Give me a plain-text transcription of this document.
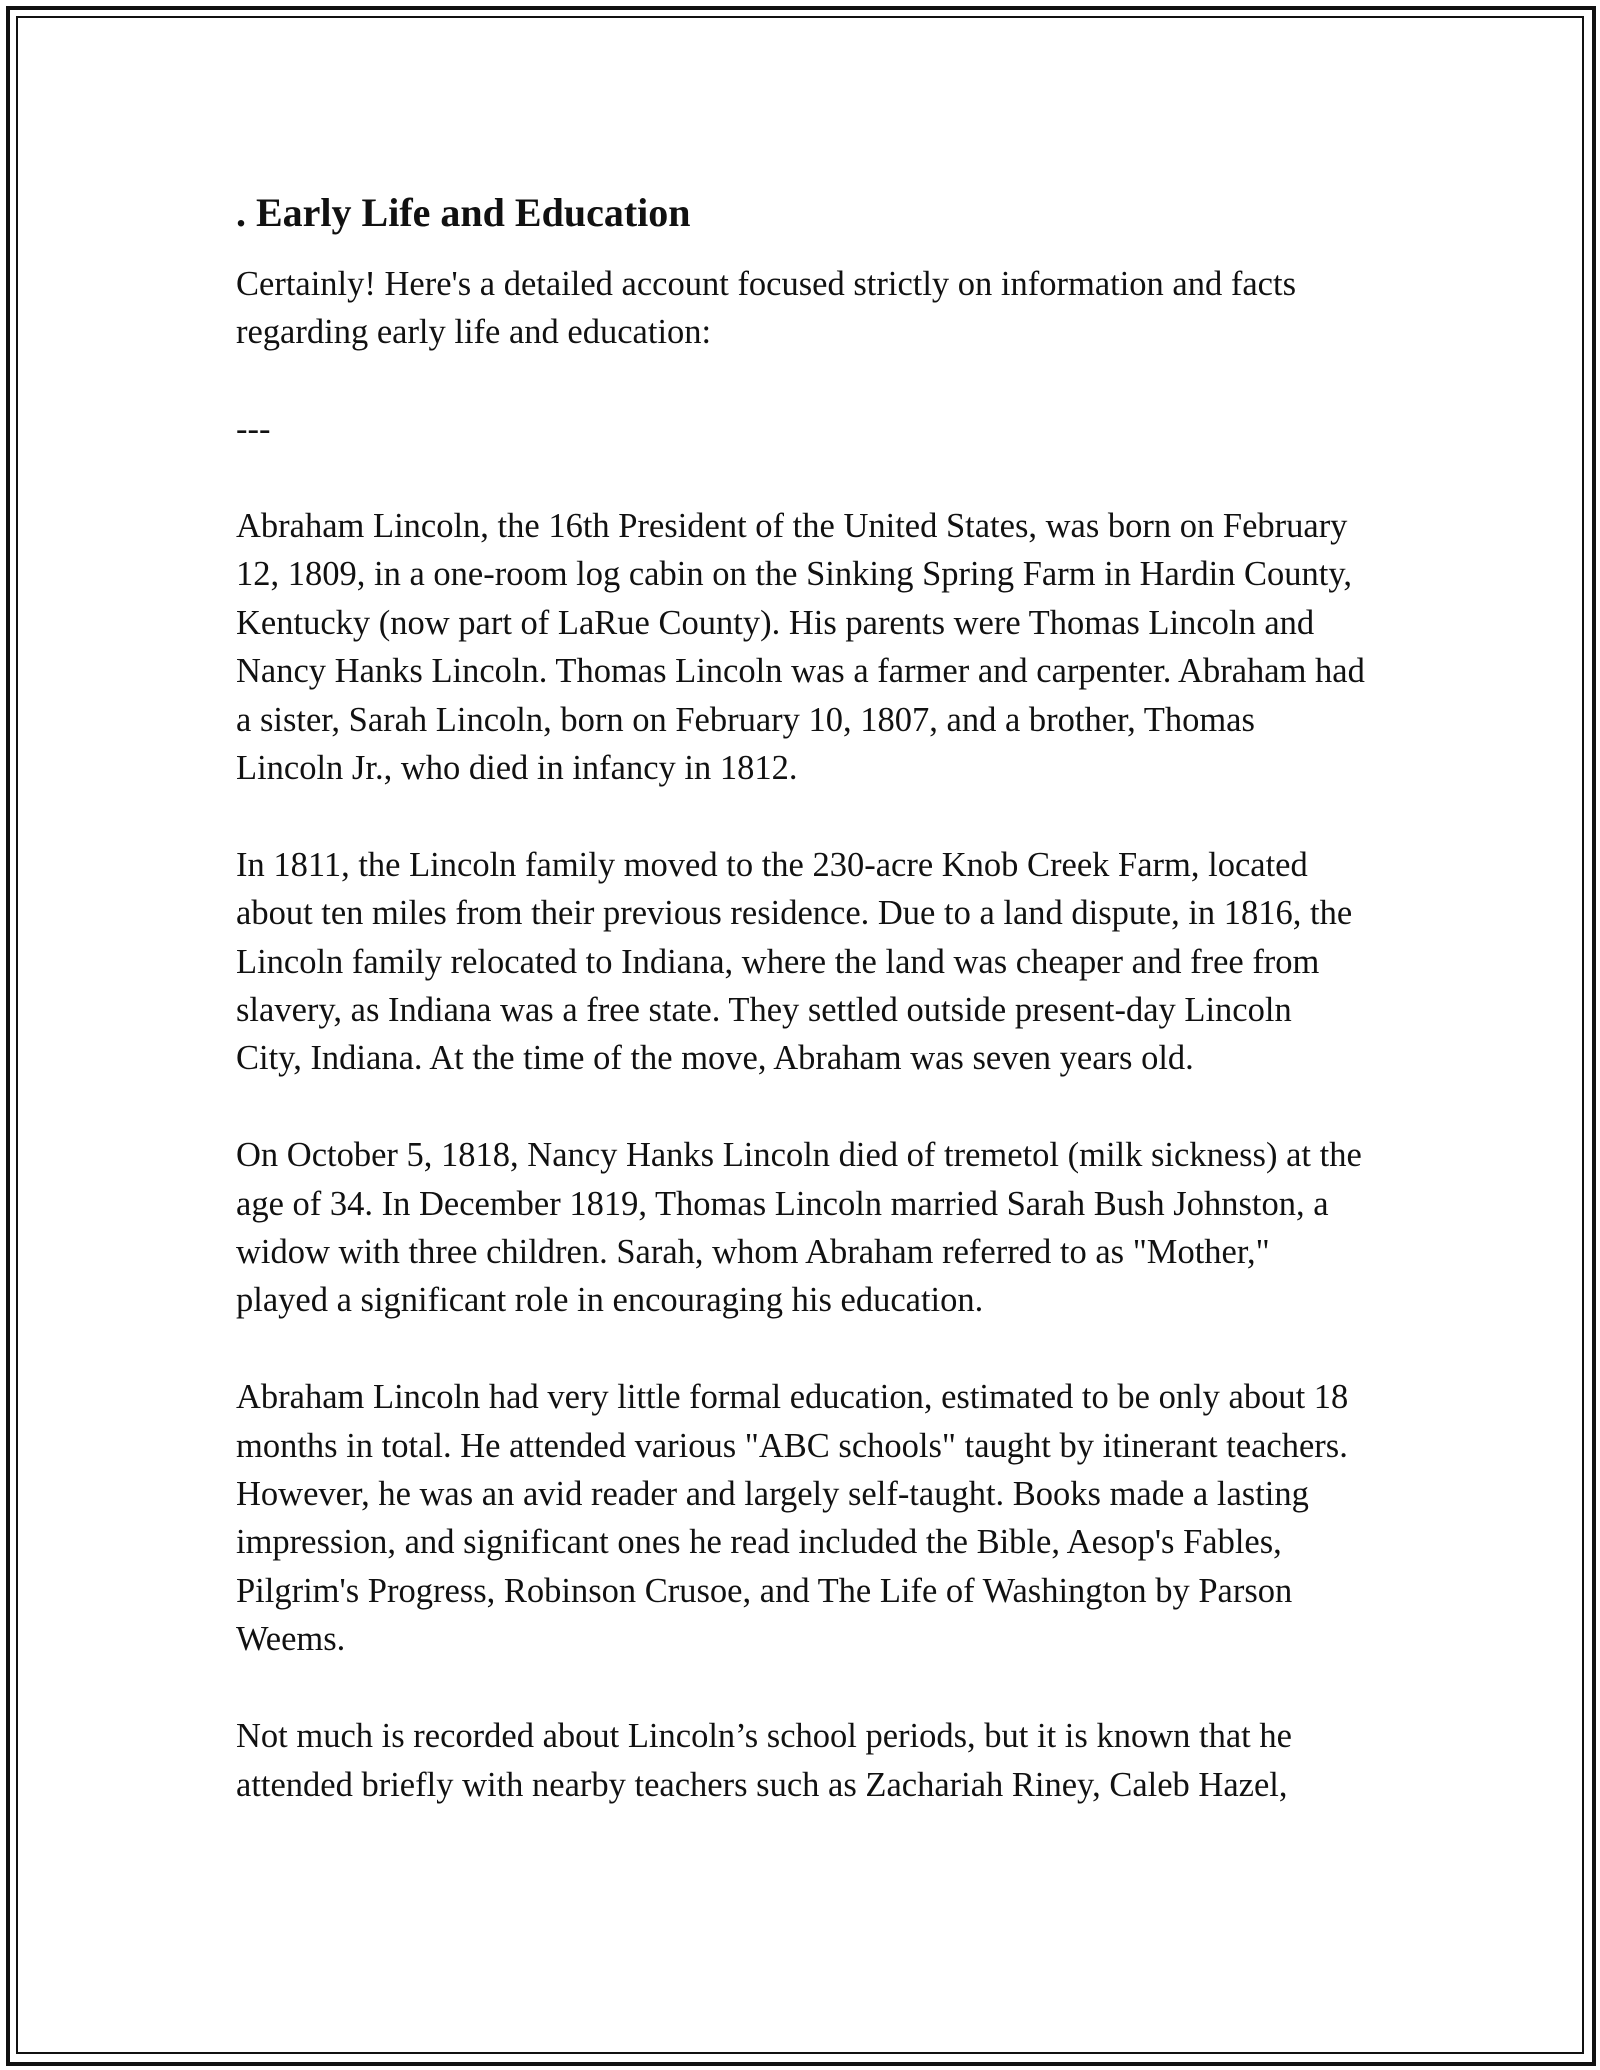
. Early Life and Education

Certainly! Here's a detailed account focused strictly on information and facts regarding early life and education:

---

Abraham Lincoln, the 16th President of the United States, was born on February 12, 1809, in a one-room log cabin on the Sinking Spring Farm in Hardin County, Kentucky (now part of LaRue County). His parents were Thomas Lincoln and Nancy Hanks Lincoln. Thomas Lincoln was a farmer and carpenter. Abraham had a sister, Sarah Lincoln, born on February 10, 1807, and a brother, Thomas Lincoln Jr., who died in infancy in 1812.

In 1811, the Lincoln family moved to the 230-acre Knob Creek Farm, located about ten miles from their previous residence. Due to a land dispute, in 1816, the Lincoln family relocated to Indiana, where the land was cheaper and free from slavery, as Indiana was a free state. They settled outside present-day Lincoln City, Indiana. At the time of the move, Abraham was seven years old.

On October 5, 1818, Nancy Hanks Lincoln died of tremetol (milk sickness) at the age of 34. In December 1819, Thomas Lincoln married Sarah Bush Johnston, a widow with three children. Sarah, whom Abraham referred to as "Mother," played a significant role in encouraging his education.

Abraham Lincoln had very little formal education, estimated to be only about 18 months in total. He attended various "ABC schools" taught by itinerant teachers. However, he was an avid reader and largely self-taught. Books made a lasting impression, and significant ones he read included the Bible, Aesop's Fables, Pilgrim's Progress, Robinson Crusoe, and The Life of Washington by Parson Weems.

Not much is recorded about Lincoln’s school periods, but it is known that he attended briefly with nearby teachers such as Zachariah Riney, Caleb Hazel,
